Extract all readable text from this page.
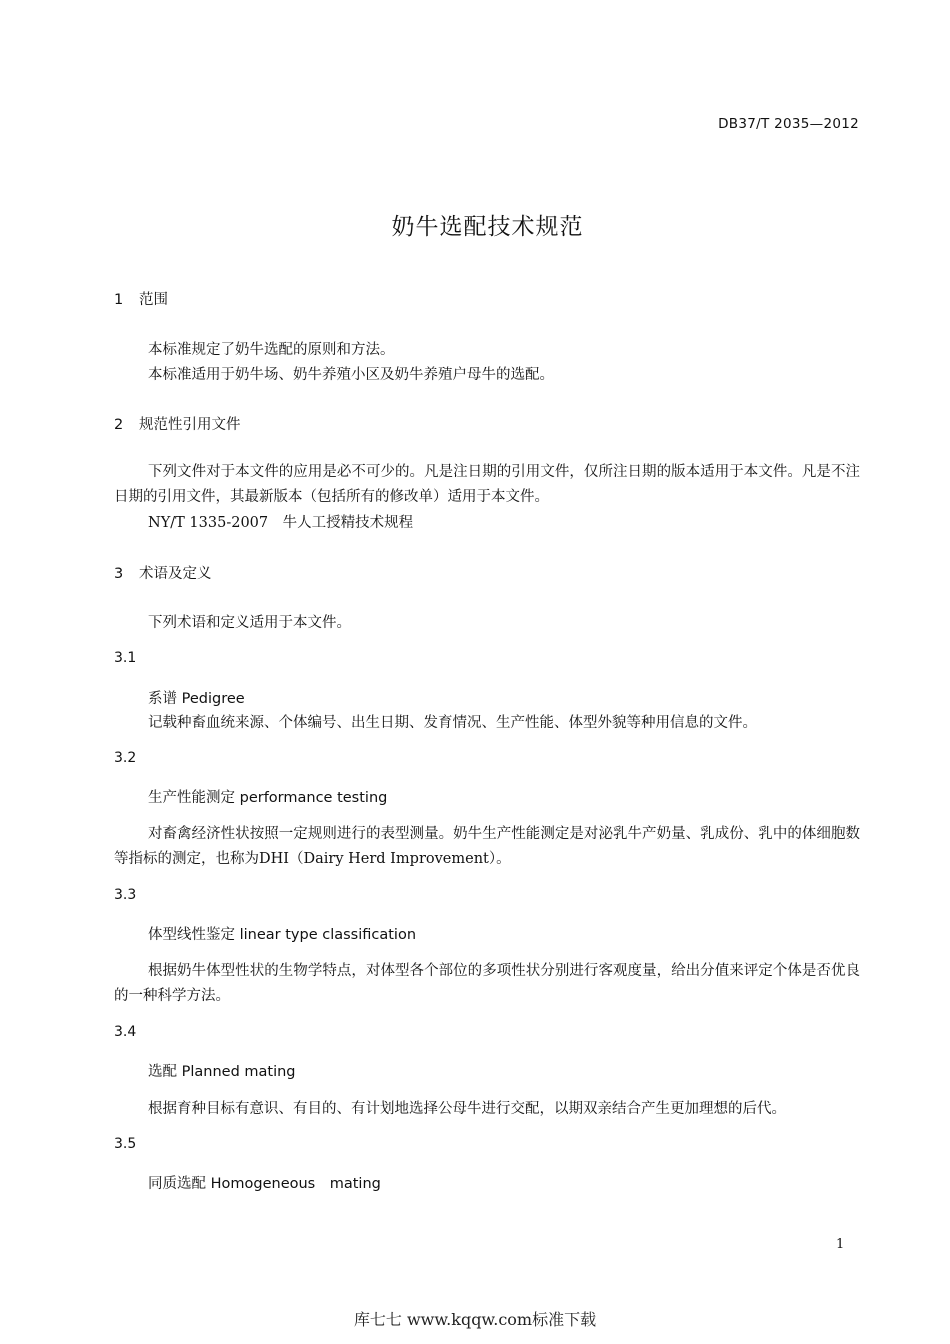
DB37/T 2035—2012
奶牛选配技术规范
1 范围
本标准规定了奶牛选配的原则和方法。
本标准适用于奶牛场、奶牛养殖小区及奶牛养殖户母牛的选配。
2 规范性引用文件
下列文件对于本文件的应用是必不可少的。凡是注日期的引用文件，仅所注日期的版本适用于本文件。凡是不注日期的引用文件，其最新版本（包括所有的修改单）适用于本文件。
NY/T 1335-2007　牛人工授精技术规程
3 术语及定义
下列术语和定义适用于本文件。
3.1
系谱 Pedigree
记载种畜血统来源、个体编号、出生日期、发育情况、生产性能、体型外貌等种用信息的文件。
3.2
生产性能测定 performance testing
对畜禽经济性状按照一定规则进行的表型测量。奶牛生产性能测定是对泌乳牛产奶量、乳成份、乳中的体细胞数等指标的测定，也称为DHI（Dairy Herd Improvement）。
3.3
体型线性鉴定 linear type classification
根据奶牛体型性状的生物学特点，对体型各个部位的多项性状分别进行客观度量，给出分值来评定个体是否优良的一种科学方法。
3.4
选配 Planned mating
根据育种目标有意识、有目的、有计划地选择公母牛进行交配，以期双亲结合产生更加理想的后代。
3.5
同质选配 Homogeneous　mating
1
库七七 www.kqqw.com标准下载
